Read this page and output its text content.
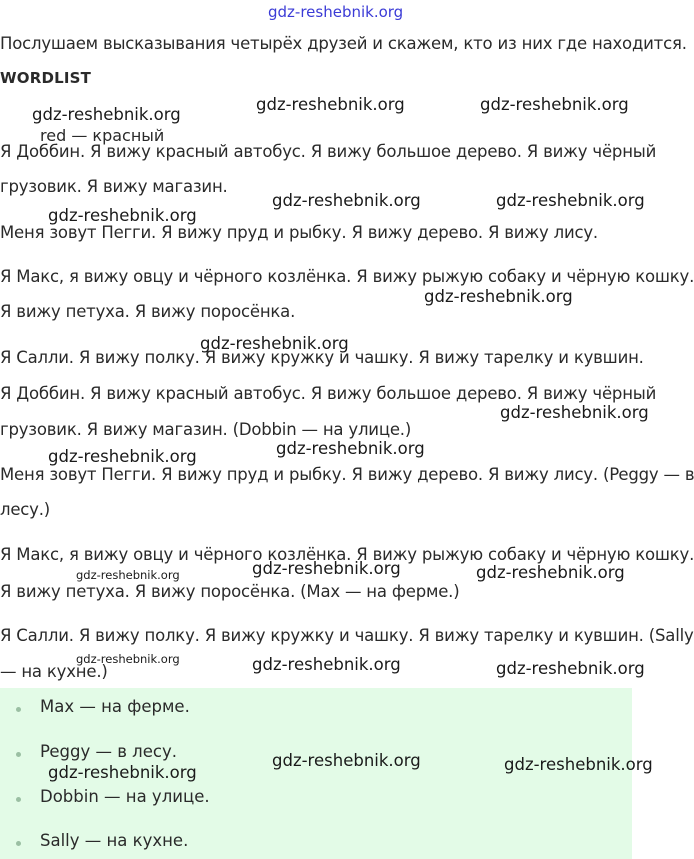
gdz-reshebnik.org
Послушаем высказывания четырёх друзей и скажем, кто из них где находится.
WORDLIST
red — красный
Я Доббин. Я вижу красный автобус. Я вижу большое дерево. Я вижу чёрный
грузовик. Я вижу магазин.
Меня зовут Пегги. Я вижу пруд и рыбку. Я вижу дерево. Я вижу лису.
Я Макс, я вижу овцу и чёрного козлёнка. Я вижу рыжую собаку и чёрную кошку.
Я вижу петуха. Я вижу поросёнка.
Я Салли. Я вижу полку. Я вижу кружку и чашку. Я вижу тарелку и кувшин.
Я Доббин. Я вижу красный автобус. Я вижу большое дерево. Я вижу чёрный
грузовик. Я вижу магазин. (Dobbin — на улице.)
Меня зовут Пегги. Я вижу пруд и рыбку. Я вижу дерево. Я вижу лису. (Peggy — в
лесу.)
Я Макс, я вижу овцу и чёрного козлёнка. Я вижу рыжую собаку и чёрную кошку.
Я вижу петуха. Я вижу поросёнка. (Max — на ферме.)
Я Салли. Я вижу полку. Я вижу кружку и чашку. Я вижу тарелку и кувшин. (Sally
— на кухне.)
Max — на ферме.
Peggy — в лесу.
Dobbin — на улице.
Sally — на кухне.
gdz-reshebnik.org
gdz-reshebnik.org	gdz-reshebnik.org
gdz-reshebnik.org	gdz-reshebnik.org
gdz-reshebnik.org
gdz-reshebnik.org
gdz-reshebnik.org
gdz-reshebnik.org
gdz-reshebnik.org
gdz-reshebnik.org
gdz-reshebnik.org	gdz-reshebnik.org
gdz-reshebnik.org
gdz-reshebnik.org	gdz-reshebnik.org
gdz-reshebnik.org
gdz-reshebnik.org	gdz-reshebnik.org
gdz-reshebnik.org
